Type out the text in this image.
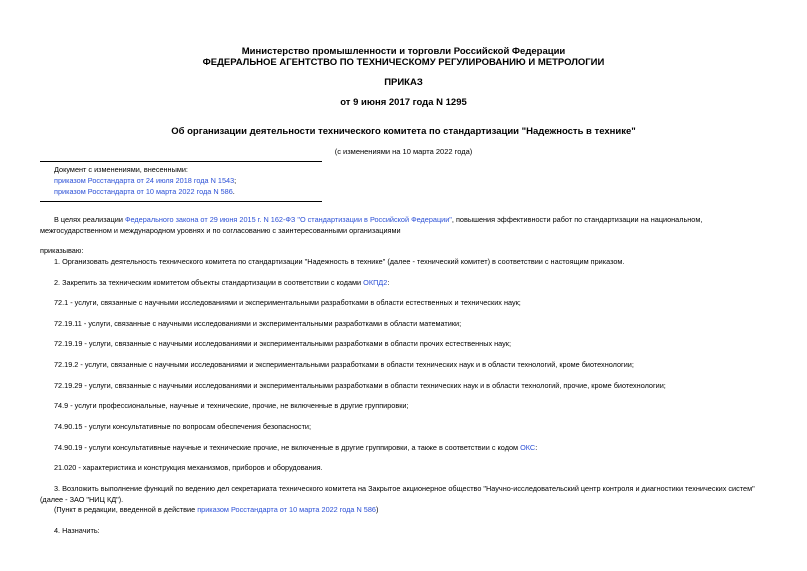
Министерство промышленности и торговли Российской Федерации
ФЕДЕРАЛЬНОЕ АГЕНТСТВО ПО ТЕХНИЧЕСКОМУ РЕГУЛИРОВАНИЮ И МЕТРОЛОГИИ
ПРИКАЗ
от 9 июня 2017 года N 1295
Об организации деятельности технического комитета по стандартизации "Надежность в технике"
(с изменениями на 10 марта 2022 года)
Документ с изменениями, внесенными:
приказом Росстандарта от 24 июля 2018 года N 1543;
приказом Росстандарта от 10 марта 2022 года N 586.
В целях реализации Федерального закона от 29 июня 2015 г. N 162-ФЗ "О стандартизации в Российской Федерации", повышения эффективности работ по стандартизации на национальном, межгосударственном и международном уровнях и по согласованию с заинтересованными организациями
приказываю:
1. Организовать деятельность технического комитета по стандартизации "Надежность в технике" (далее - технический комитет) в соответствии с настоящим приказом.
2. Закрепить за техническим комитетом объекты стандартизации в соответствии с кодами ОКПД2:
72.1 - услуги, связанные с научными исследованиями и экспериментальными разработками в области естественных и технических наук;
72.19.11 - услуги, связанные с научными исследованиями и экспериментальными разработками в области математики;
72.19.19 - услуги, связанные с научными исследованиями и экспериментальными разработками в области прочих естественных наук;
72.19.2 - услуги, связанные с научными исследованиями и экспериментальными разработками в области технических наук и в области технологий, кроме биотехнологии;
72.19.29 - услуги, связанные с научными исследованиями и экспериментальными разработками в области технических наук и в области технологий, прочие, кроме биотехнологии;
74.9 - услуги профессиональные, научные и технические, прочие, не включенные в другие группировки;
74.90.15 - услуги консультативные по вопросам обеспечения безопасности;
74.90.19 - услуги консультативные научные и технические прочие, не включенные в другие группировки, а также в соответствии с кодом ОКС:
21.020 - характеристика и конструкция механизмов, приборов и оборудования.
3. Возложить выполнение функций по ведению дел секретариата технического комитета на Закрытое акционерное общество "Научно-исследовательский центр контроля и диагностики технических систем" (далее - ЗАО "НИЦ КД").
(Пункт в редакции, введенной в действие приказом Росстандарта от 10 марта 2022 года N 586)
4. Назначить:
